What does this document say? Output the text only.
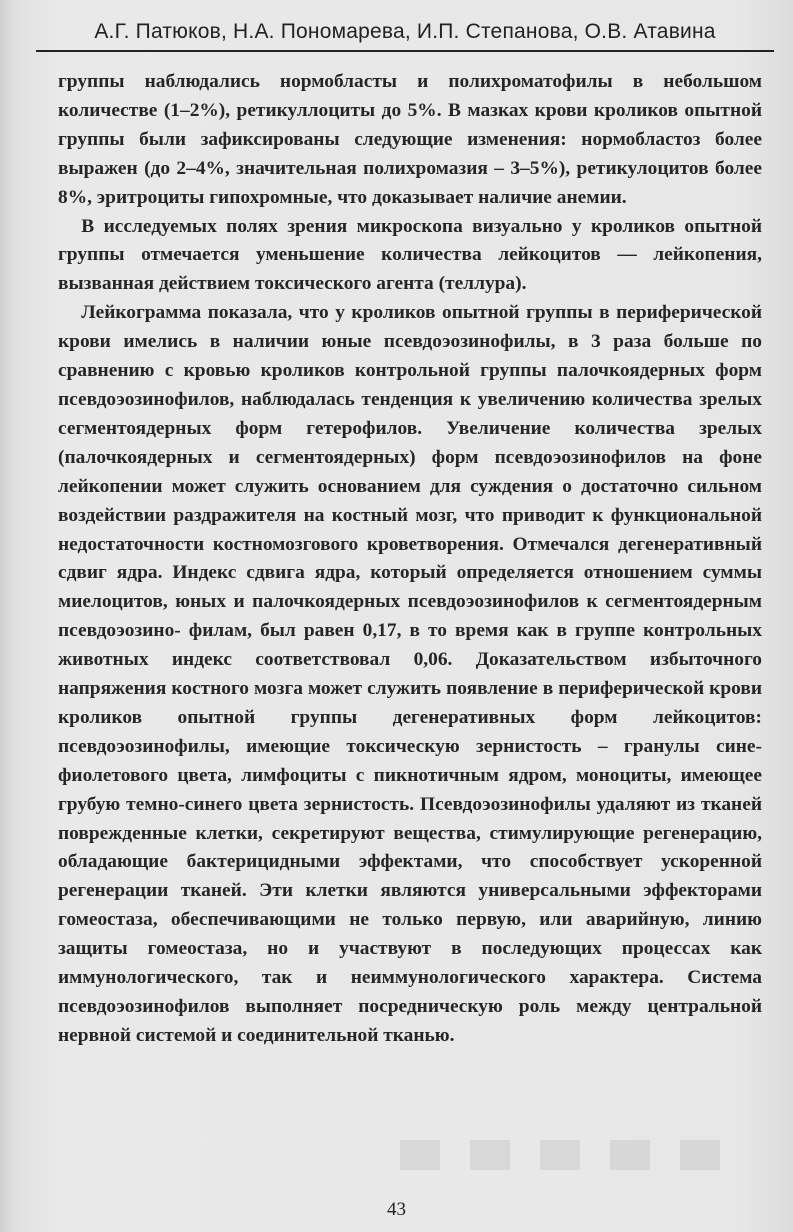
А.Г. Патюков, Н.А. Пономарева, И.П. Степанова, О.В. Атавина

группы наблюдались нормобласты и полихроматофилы в небольшом количестве (1–2%), ретикуллоциты до 5%. В мазках крови кроликов опытной группы были зафиксированы следующие изменения: нормобластоз более выражен (до 2–4%, значительная полихромазия – 3–5%), ретикулоцитов более 8%, эритроциты гипохромные, что доказывает наличие анемии.

В исследуемых полях зрения микроскопа визуально у кроликов опытной группы отмечается уменьшение количества лейкоцитов — лейкопения, вызванная действием токсического агента (теллура).

Лейкограмма показала, что у кроликов опытной группы в периферической крови имелись в наличии юные псевдоэозинофилы, в 3 раза больше по сравнению с кровью кроликов контрольной группы палочкоядерных форм псевдоэозинофилов, наблюдалась тенденция к увеличению количества зрелых сегментоядерных форм гетерофилов. Увеличение количества зрелых (палочкоядерных и сегментоядерных) форм псевдоэозинофилов на фоне лейкопении может служить основанием для суждения о достаточно сильном воздействии раздражителя на костный мозг, что приводит к функциональной недостаточности костномозгового кроветворения. Отмечался дегенеративный сдвиг ядра. Индекс сдвига ядра, который определяется отношением суммы миелоцитов, юных и палочкоядерных псевдоэозинофилов к сегментоядерным псевдоэозино- филам, был равен 0,17, в то время как в группе контрольных животных индекс соответствовал 0,06. Доказательством избыточного напряжения костного мозга может служить появление в периферической крови кроликов опытной группы дегенеративных форм лейкоцитов: псевдоэозинофилы, имеющие токсическую зернистость – гранулы сине-фиолетового цвета, лимфоциты с пикнотичным ядром, моноциты, имеющее грубую темно-синего цвета зернистость. Псевдоэозинофилы удаляют из тканей поврежденные клетки, секретируют вещества, стимулирующие регенерацию, обладающие бактерицидными эффектами, что способствует ускоренной регенерации тканей. Эти клетки являются универсальными эффекторами гомеостаза, обеспечивающими не только первую, или аварийную, линию защиты гомеостаза, но и участвуют в последующих процессах как иммунологического, так и неиммунологического характера. Система псевдоэозинофилов выполняет посредническую роль между центральной нервной системой и соединительной тканью.

43
